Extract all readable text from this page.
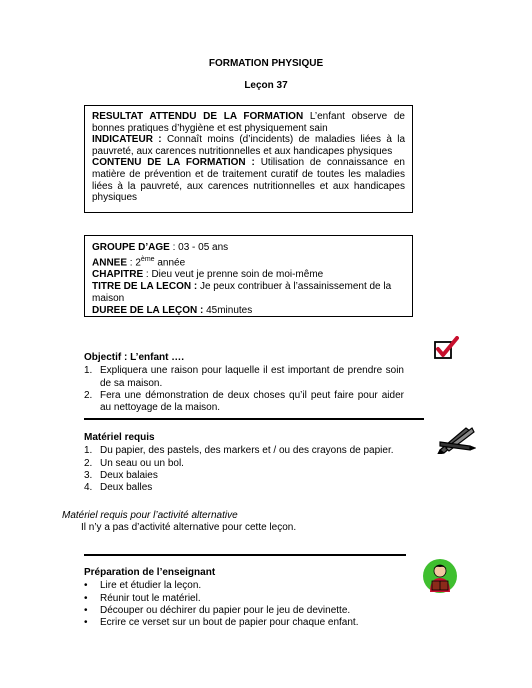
FORMATION PHYSIQUE
Leçon 37

RESULTAT ATTENDU DE LA FORMATION L’enfant observe de bonnes pratiques d’hygiène et est physiquement sain

INDICATEUR : Connaît moins (d’incidents) de maladies liées à la pauvreté, aux carences nutritionnelles et aux handicapes physiques

CONTENU DE LA FORMATION : Utilisation de connaissance en matière de prévention et de traitement curatif de toutes les maladies liées à la pauvreté, aux carences nutritionnelles et aux handicapes physiques

GROUPE D’AGE : 03 - 05 ans

ANNEE : 2ème année

CHAPITRE : Dieu veut je prenne soin de moi-même

TITRE DE LA LECON : Je peux contribuer à l’assainissement de la maison

DUREE DE LA LEÇON : 45minutes

Objectif : L’enfant ….
1. Expliquera une raison pour laquelle il est important de prendre soin de sa maison.
2. Fera une démonstration de deux choses qu’il peut faire pour aider au nettoyage de la maison.
Matériel requis
1. Du papier, des pastels, des markers et / ou des crayons de papier.
2. Un seau ou un bol.
3. Deux balaies
4. Deux balles
Matériel requis pour l’activité alternative
Il n’y a pas d’activité alternative pour cette leçon.
Préparation de l’enseignant
• Lire et étudier la leçon.
• Réunir tout le matériel.
• Découper ou déchirer du papier pour le jeu de devinette.
• Ecrire ce verset sur un bout de papier pour chaque enfant.
